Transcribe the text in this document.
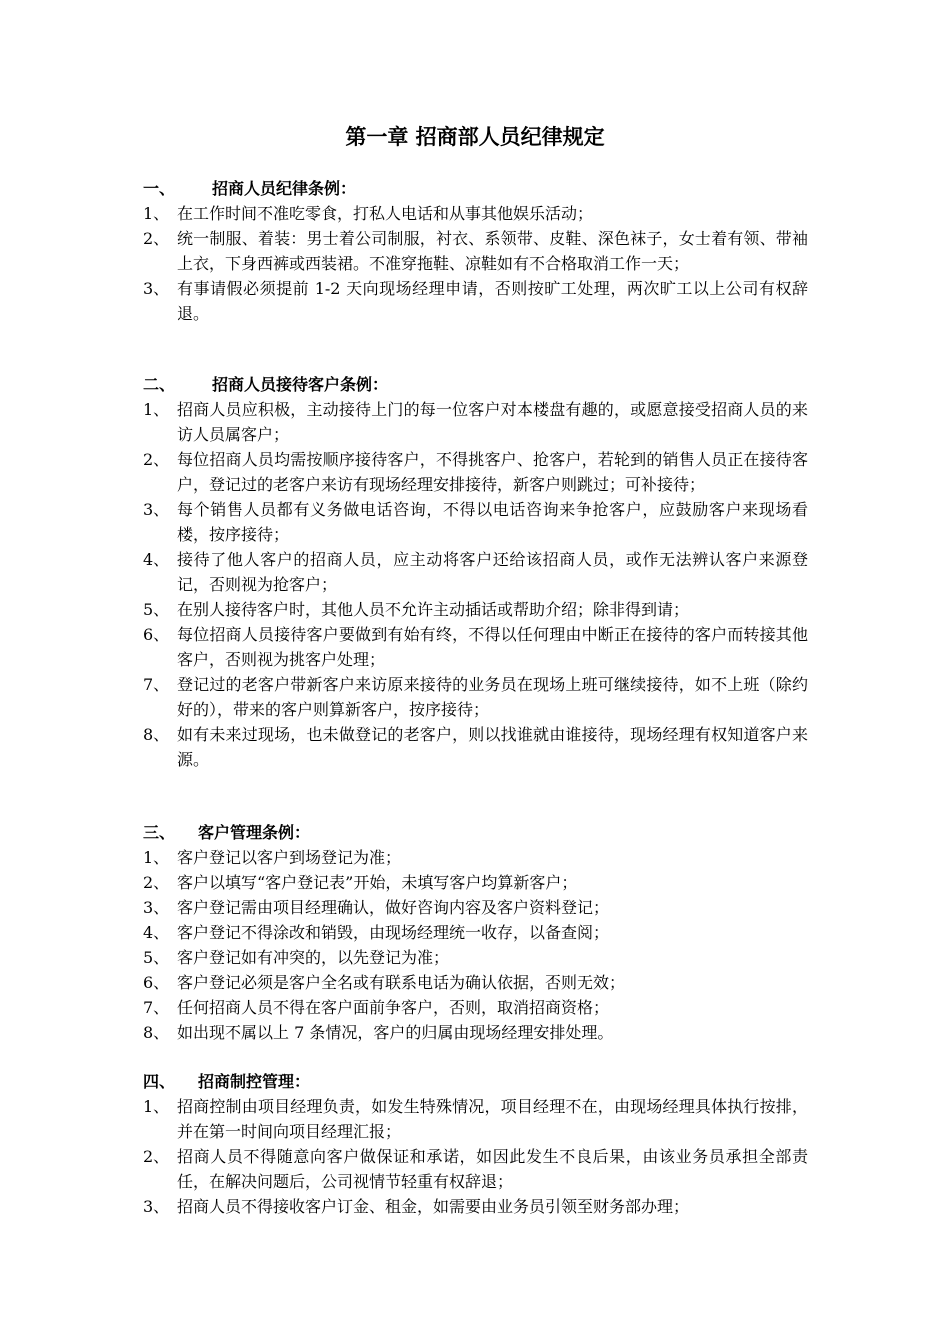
第一章 招商部人员纪律规定
一、 招商人员纪律条例：
1、 在工作时间不准吃零食，打私人电话和从事其他娱乐活动；
2、 统一制服、着装：男士着公司制服，衬衣、系领带、皮鞋、深色袜子，女士着有领、带袖上衣，下身西裤或西装裙。不准穿拖鞋、凉鞋如有不合格取消工作一天；
3、 有事请假必须提前 1-2 天向现场经理申请，否则按旷工处理，两次旷工以上公司有权辞退。
二、 招商人员接待客户条例：
1、 招商人员应积极，主动接待上门的每一位客户对本楼盘有趣的，或愿意接受招商人员的来访人员属客户；
2、 每位招商人员均需按顺序接待客户，不得挑客户、抢客户，若轮到的销售人员正在接待客户，登记过的老客户来访有现场经理安排接待，新客户则跳过；可补接待；
3、 每个销售人员都有义务做电话咨询，不得以电话咨询来争抢客户，应鼓励客户来现场看楼，按序接待；
4、 接待了他人客户的招商人员，应主动将客户还给该招商人员，或作无法辨认客户来源登记，否则视为抢客户；
5、 在别人接待客户时，其他人员不允许主动插话或帮助介绍；除非得到请；
6、 每位招商人员接待客户要做到有始有终，不得以任何理由中断正在接待的客户而转接其他客户，否则视为挑客户处理；
7、 登记过的老客户带新客户来访原来接待的业务员在现场上班可继续接待，如不上班（除约好的），带来的客户则算新客户，按序接待；
8、 如有未来过现场，也未做登记的老客户，则以找谁就由谁接待，现场经理有权知道客户来源。
三、 客户管理条例：
1、 客户登记以客户到场登记为准；
2、 客户以填写“客户登记表”开始，未填写客户均算新客户；
3、 客户登记需由项目经理确认，做好咨询内容及客户资料登记；
4、 客户登记不得涂改和销毁，由现场经理统一收存，以备查阅；
5、 客户登记如有冲突的，以先登记为准；
6、 客户登记必须是客户全名或有联系电话为确认依据，否则无效；
7、 任何招商人员不得在客户面前争客户，否则，取消招商资格；
8、 如出现不属以上 7 条情况，客户的归属由现场经理安排处理。
四、 招商制控管理：
1、 招商控制由项目经理负责，如发生特殊情况，项目经理不在，由现场经理具体执行按排，并在第一时间向项目经理汇报；
2、 招商人员不得随意向客户做保证和承诺，如因此发生不良后果，由该业务员承担全部责任，在解决问题后，公司视情节轻重有权辞退；
3、 招商人员不得接收客户订金、租金，如需要由业务员引领至财务部办理；
